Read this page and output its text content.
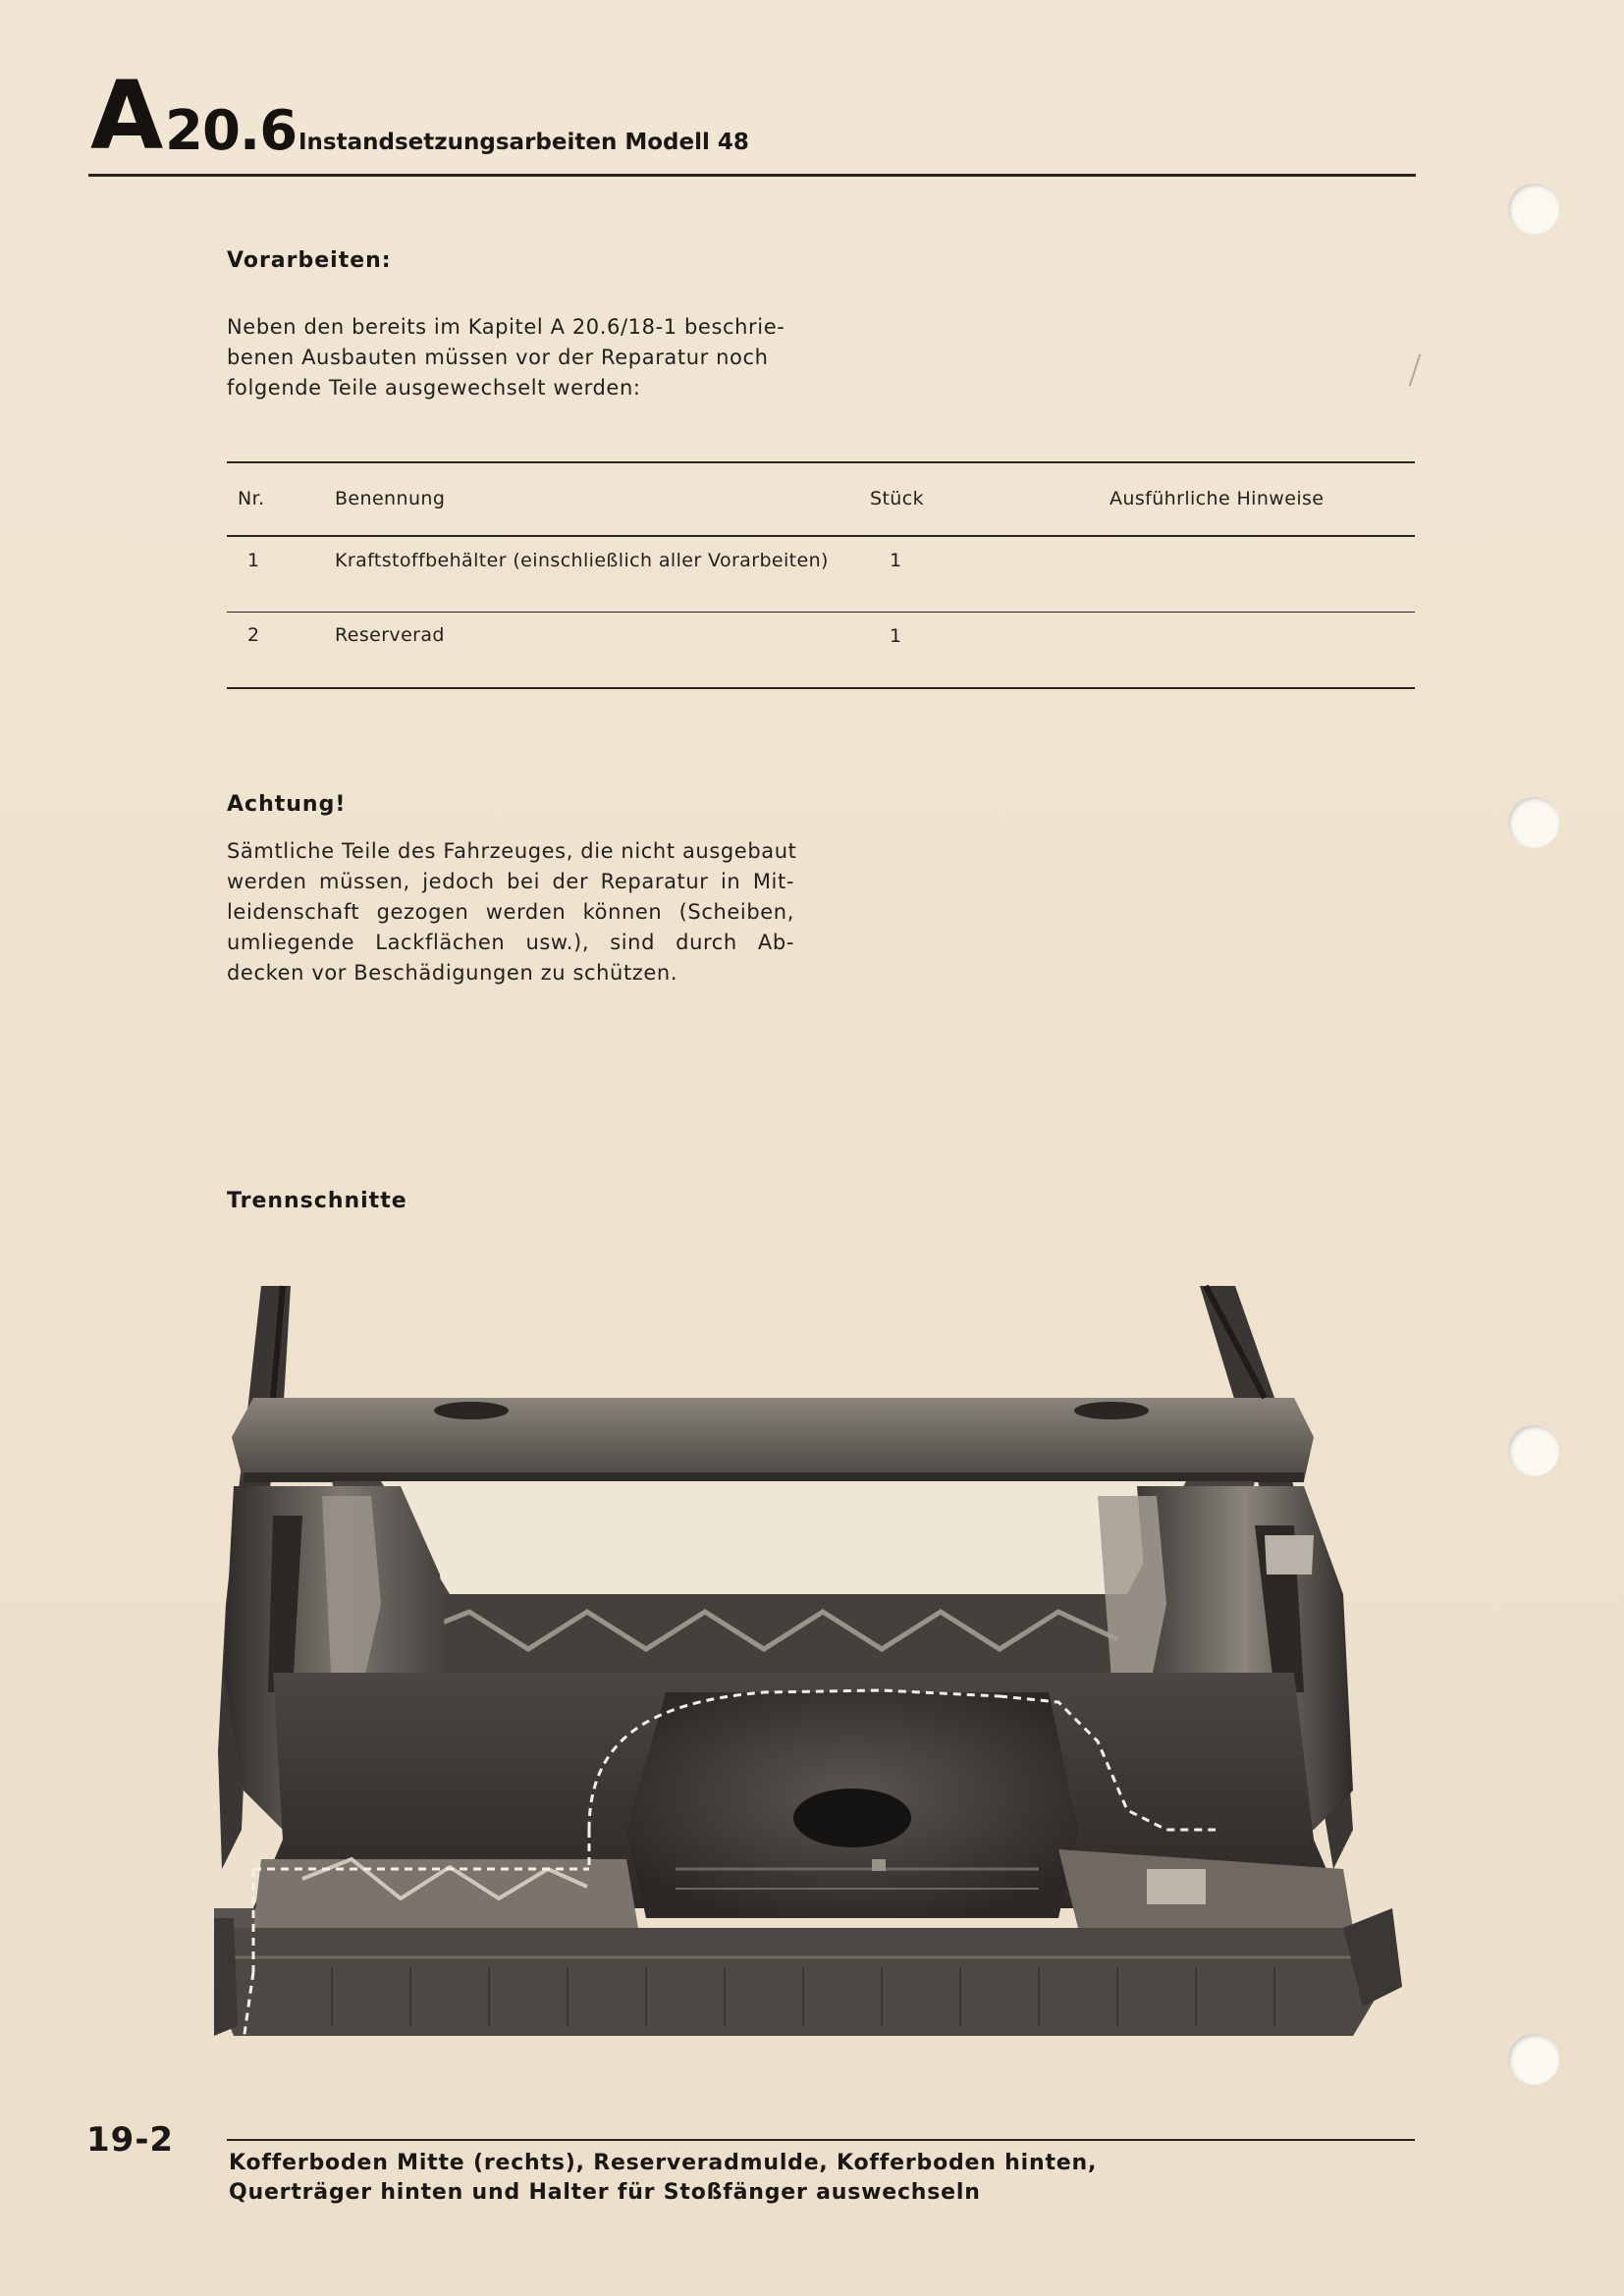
A 20.6 Instandsetzungsarbeiten Modell 48
Vorarbeiten:
Neben den bereits im Kapitel A 20.6/18-1 beschrie-
benen Ausbauten müssen vor der Reparatur noch
folgende Teile ausgewechselt werden:
Nr.	Benennung	Stück	Ausführliche Hinweise
1	Kraftstoffbehälter (einschließlich aller Vorarbeiten)	1
2	Reserverad	1
Achtung!
Sämtliche Teile des Fahrzeuges, die nicht ausgebaut
werden müssen, jedoch bei der Reparatur in Mit-
leidenschaft gezogen werden können (Scheiben,
umliegende Lackflächen usw.), sind durch Ab-
decken vor Beschädigungen zu schützen.
Trennschnitte
19-2
Kofferboden Mitte (rechts), Reserveradmulde, Kofferboden hinten,
Querträger hinten und Halter für Stoßfänger auswechseln
